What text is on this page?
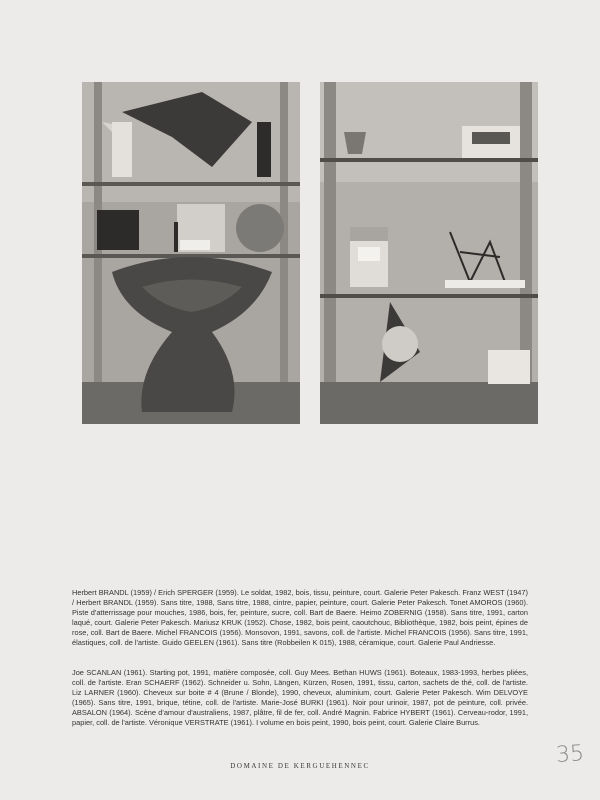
Herbert BRANDL (1959) / Erich SPERGER (1959). Le soldat, 1982, bois, tissu, peinture, court. Galerie Peter Pakesch. Franz WEST (1947) / Herbert BRANDL (1959). Sans titre, 1988, Sans titre, 1988, cintre, papier, peinture, court. Galerie Peter Pakesch. Tonet AMOROS (1960). Piste d'atterrissage pour mouches, 1986, bois, fer, peinture, sucre, coll. Bart de Baere. Heimo ZOBERNIG (1958). Sans titre, 1991, carton laqué, court. Galerie Peter Pakesch. Mariusz KRUK (1952). Chose, 1982, bois peint, caoutchouc, Bibliothèque, 1982, bois peint, épines de rose, coll. Bart de Baere. Michel FRANCOIS (1956). Monsovon, 1991, savons, coll. de l'artiste. Michel FRANCOIS (1956). Sans titre, 1991, élastiques, coll. de l'artiste. Guido GEELEN (1961). Sans titre (Robbeilen K 015), 1988, céramique, court. Galerie Paul Andriesse.
Joe SCANLAN (1961). Starting pot, 1991, matière composée, coll. Guy Mees. Bethan HUWS (1961). Boteaux, 1983-1993, herbes pliées, coll. de l'artiste. Eran SCHAERF (1962). Schneider u. Sohn, Längen, Kürzen, Rosen, 1991, tissu, carton, sachets de thé, coll. de l'artiste. Liz LARNER (1960). Cheveux sur boite # 4 (Brune / Blonde), 1990, cheveux, aluminium, court. Galerie Peter Pakesch. Wim DELVOYE (1965). Sans titre, 1991, brique, tétine, coll. de l'artiste. Marie-José BURKI (1961). Noir pour urinoir, 1987, pot de peinture, coll. privée. ABSALON (1964). Scène d'amour d'australiens, 1987, plâtre, fil de fer, coll. André Magnin. Fabrice HYBERT (1961). Cerveau-rodor, 1991, papier, coll. de l'artiste. Véronique VERSTRATE (1961). I volume en bois peint, 1990, bois peint, court. Galerie Claire Burrus.
DOMAINE DE KERGUEHENNEC	35
